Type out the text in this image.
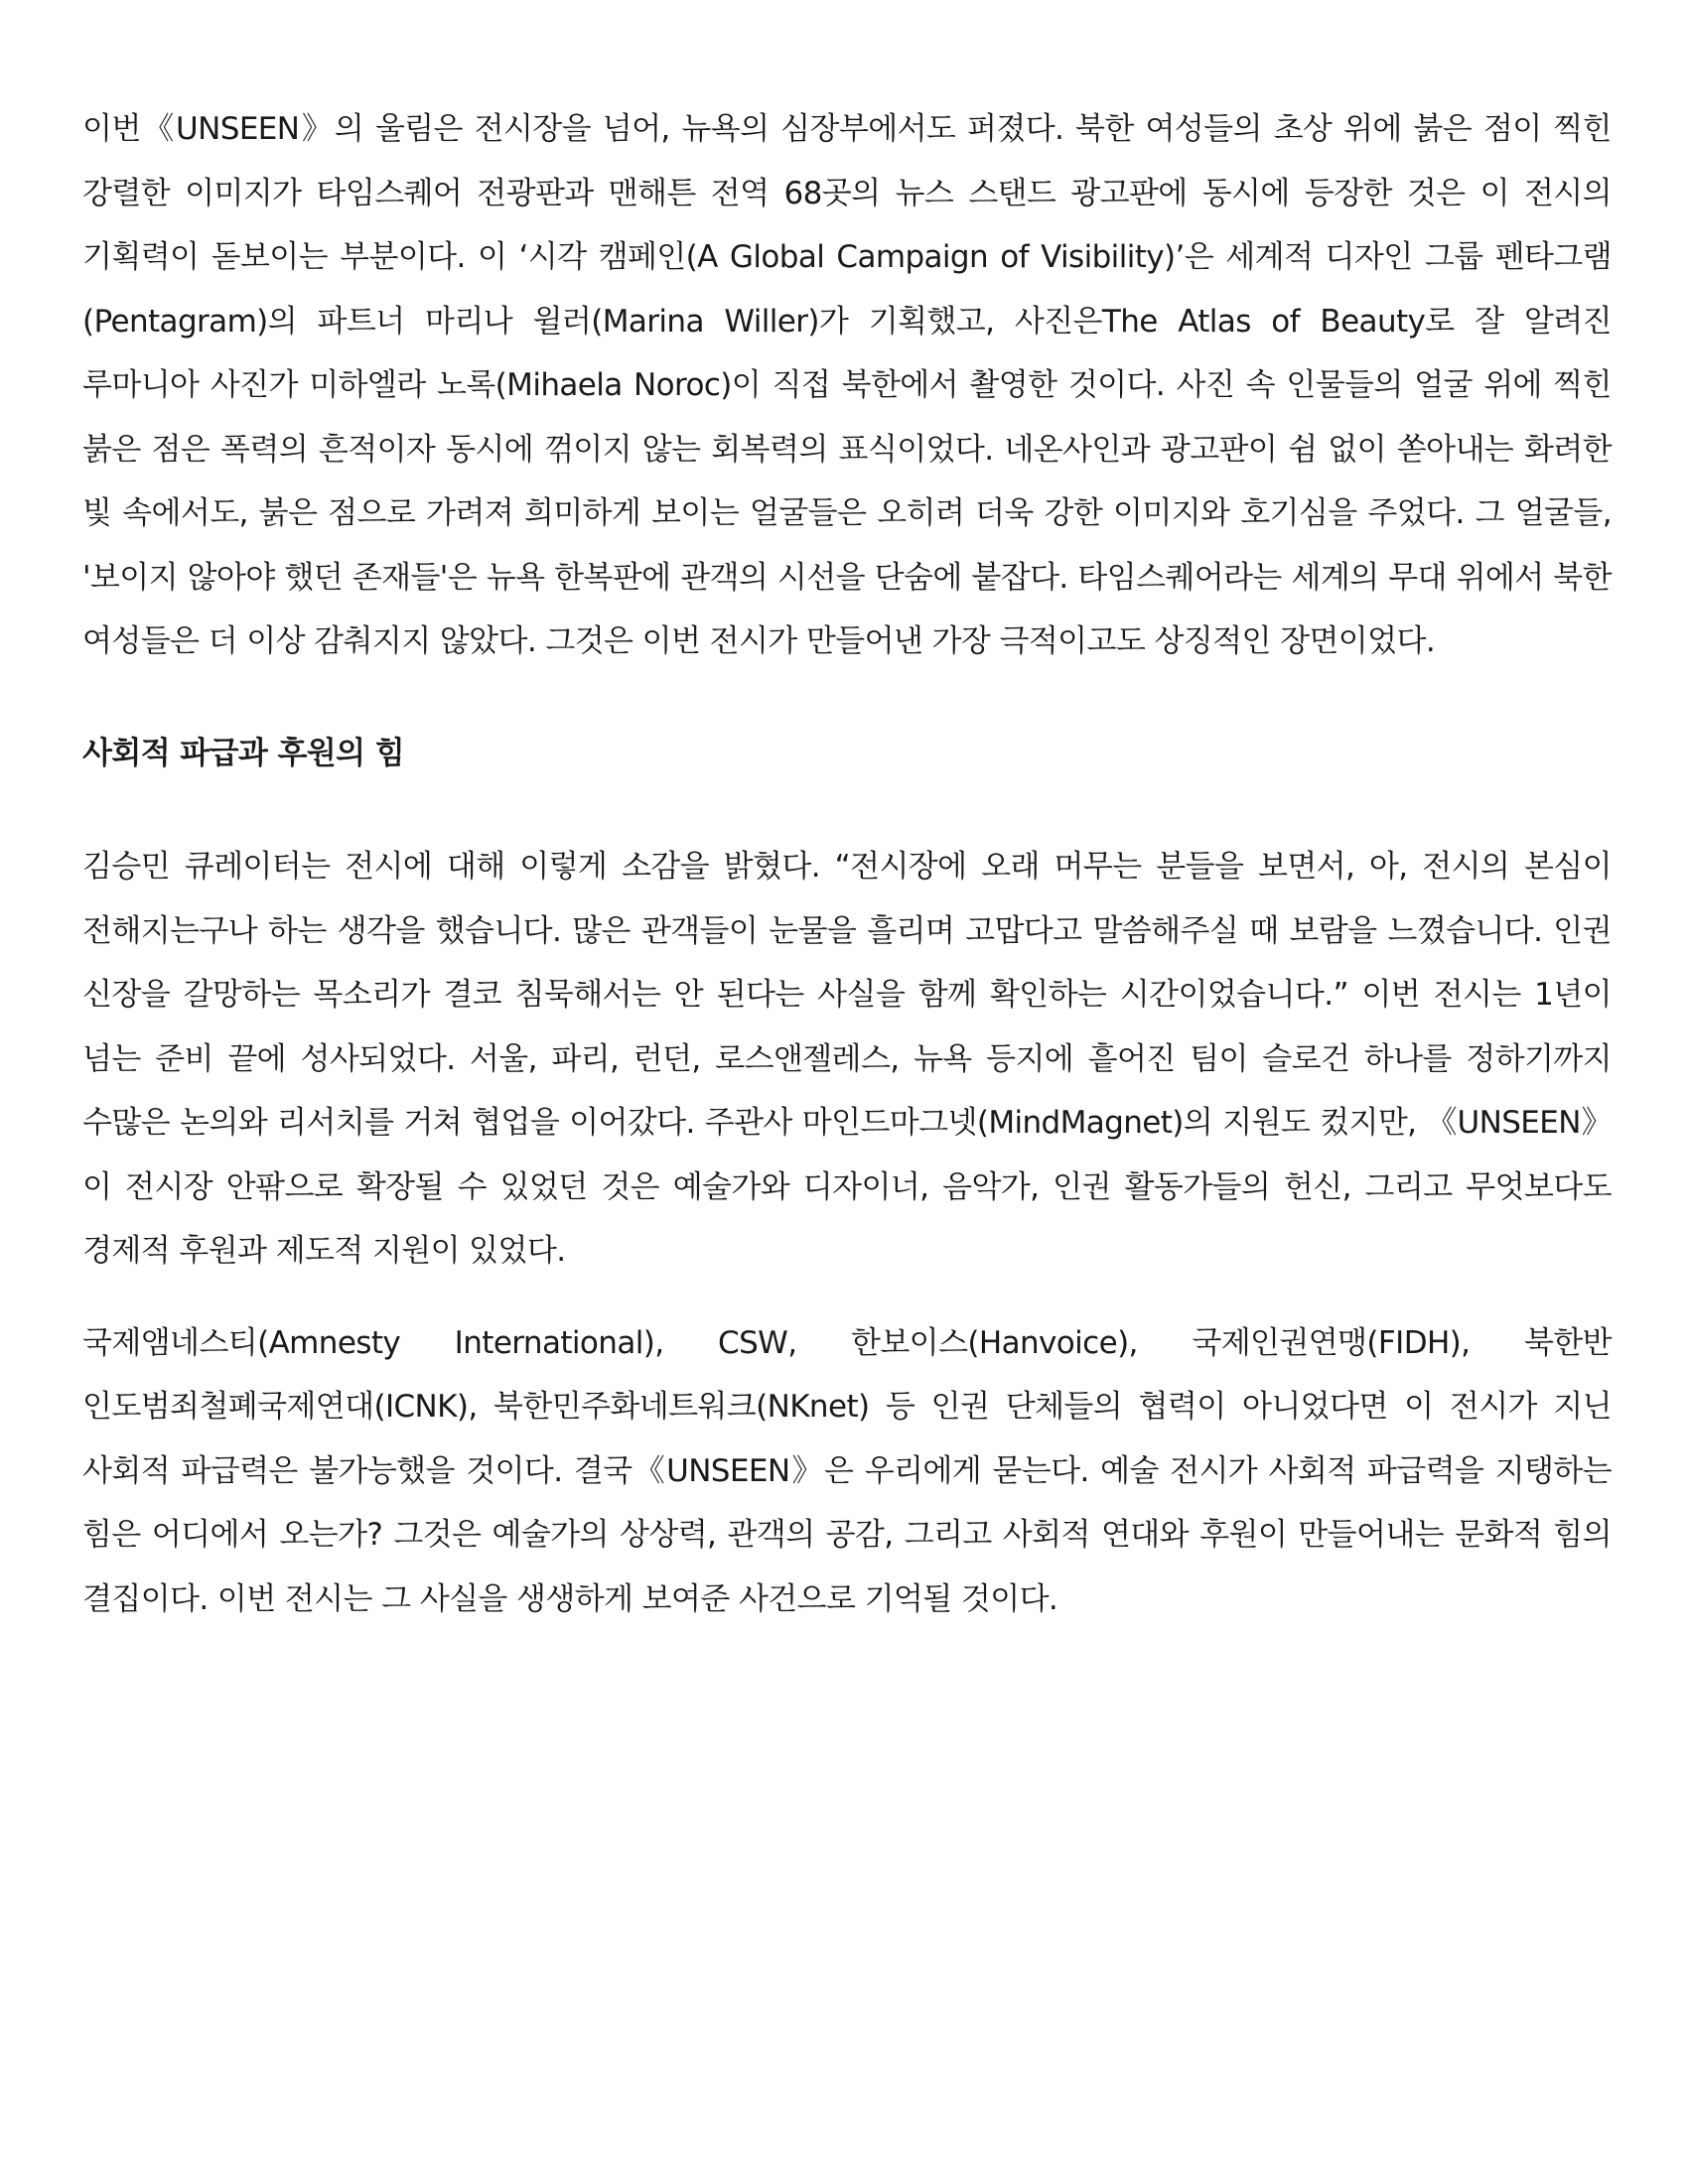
이번《UNSEEN》의 울림은 전시장을 넘어, 뉴욕의 심장부에서도 퍼졌다. 북한 여성들의 초상 위에 붉은 점이 찍힌 강렬한 이미지가 타임스퀘어 전광판과 맨해튼 전역 68곳의 뉴스 스탠드 광고판에 동시에 등장한 것은 이 전시의 기획력이 돋보이는 부분이다. 이 ‘시각 캠페인(A Global Campaign of Visibility)’은 세계적 디자인 그룹 펜타그램(Pentagram)의 파트너 마리나 윌러(Marina Willer)가 기획했고, 사진은The Atlas of Beauty로 잘 알려진 루마니아 사진가 미하엘라 노록(Mihaela Noroc)이 직접 북한에서 촬영한 것이다. 사진 속 인물들의 얼굴 위에 찍힌 붉은 점은 폭력의 흔적이자 동시에 꺾이지 않는 회복력의 표식이었다. 네온사인과 광고판이 쉼 없이 쏟아내는 화려한 빛 속에서도, 붉은 점으로 가려져 희미하게 보이는 얼굴들은 오히려 더욱 강한 이미지와 호기심을 주었다. 그 얼굴들, '보이지 않아야 했던 존재들'은 뉴욕 한복판에 관객의 시선을 단숨에 붙잡다. 타임스퀘어라는 세계의 무대 위에서 북한 여성들은 더 이상 감춰지지 않았다. 그것은 이번 전시가 만들어낸 가장 극적이고도 상징적인 장면이었다.

사회적 파급과 후원의 힘

김승민 큐레이터는 전시에 대해 이렇게 소감을 밝혔다. “전시장에 오래 머무는 분들을 보면서, 아, 전시의 본심이 전해지는구나 하는 생각을 했습니다. 많은 관객들이 눈물을 흘리며 고맙다고 말씀해주실 때 보람을 느꼈습니다. 인권 신장을 갈망하는 목소리가 결코 침묵해서는 안 된다는 사실을 함께 확인하는 시간이었습니다.” 이번 전시는 1년이 넘는 준비 끝에 성사되었다. 서울, 파리, 런던, 로스앤젤레스, 뉴욕 등지에 흩어진 팀이 슬로건 하나를 정하기까지 수많은 논의와 리서치를 거쳐 협업을 이어갔다. 주관사 마인드마그넷(MindMagnet)의 지원도 컸지만, 《UNSEEN》이 전시장 안팎으로 확장될 수 있었던 것은 예술가와 디자이너, 음악가, 인권 활동가들의 헌신, 그리고 무엇보다도 경제적 후원과 제도적 지원이 있었다.

국제앰네스티(Amnesty International), CSW, 한보이스(Hanvoice), 국제인권연맹(FIDH), 북한반 인도범죄철폐국제연대(ICNK), 북한민주화네트워크(NKnet) 등 인권 단체들의 협력이 아니었다면 이 전시가 지닌 사회적 파급력은 불가능했을 것이다. 결국《UNSEEN》은 우리에게 묻는다. 예술 전시가 사회적 파급력을 지탱하는 힘은 어디에서 오는가? 그것은 예술가의 상상력, 관객의 공감, 그리고 사회적 연대와 후원이 만들어내는 문화적 힘의 결집이다. 이번 전시는 그 사실을 생생하게 보여준 사건으로 기억될 것이다.
